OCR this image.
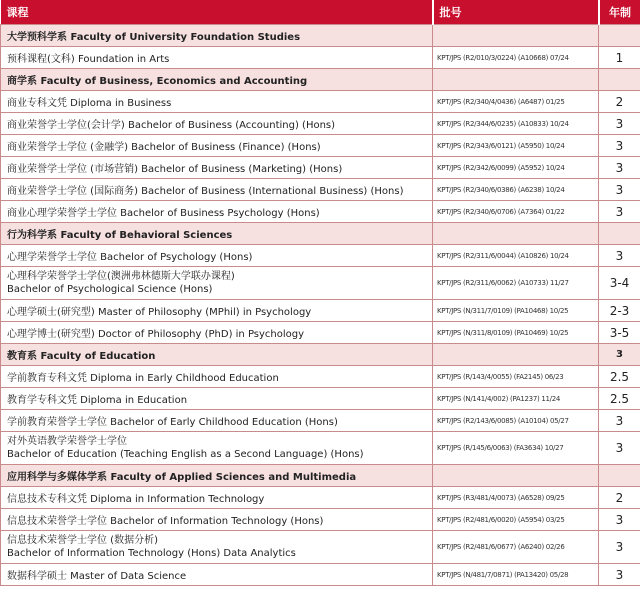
课程	批号	年制
大学预科学系 Faculty of University Foundation Studies		
预科课程(文科) Foundation in Arts	KPT/JPS (R2/010/3/0224) (A10668) 07/24	1
商学系 Faculty of Business, Economics and Accounting		
商业专科文凭 Diploma in Business	KPT/JPS (R2/340/4/0436) (A6487) 01/25	2
商业荣誉学士学位(会计学) Bachelor of Business (Accounting) (Hons)	KPT/JPS (R2/344/6/0235) (A10833) 10/24	3
商业荣誉学士学位 (金融学) Bachelor of Business (Finance) (Hons)	KPT/JPS (R2/343/6/0121) (A5950) 10/24	3
商业荣誉学士学位 (市场营销) Bachelor of Business (Marketing) (Hons)	KPT/JPS (R2/342/6/0099) (A5952) 10/24	3
商业荣誉学士学位 (国际商务) Bachelor of Business (International Business) (Hons)	KPT/JPS (R2/340/6/0386) (A6238) 10/24	3
商业心理学荣誉学士学位 Bachelor of Business Psychology (Hons)	KPT/JPS (R2/340/6/0706) (A7364) 01/22	3
行为科学系 Faculty of Behavioral Sciences		
心理学荣誉学士学位 Bachelor of Psychology (Hons)	KPT/JPS (R2/311/6/0044) (A10826) 10/24	3

心理科学荣誉学士学位(澳洲弗林德斯大学联办课程)
Bachelor of Psychological Science (Hons)	KPT/JPS (R2/311/6/0062) (A10733) 11/27	3-4
心理学硕士(研究型) Master of Philosophy (MPhil) in Psychology	KPT/JPS (N/311/7/0109) (PA10468) 10/25	2-3
心理学博士(研究型) Doctor of Philosophy (PhD) in Psychology	KPT/JPS (N/311/8/0109) (PA10469) 10/25	3-5
教育系 Faculty of Education		3
学前教育专科文凭 Diploma in Early Childhood Education	KPT/JPS (R/143/4/0055) (FA2145) 06/23	2.5
教育学专科文凭 Diploma in Education	KPT/JPS (N/141/4/002) (PA1237) 11/24	2.5
学前教育荣誉学士学位 Bachelor of Early Childhood Education (Hons)	KPT/JPS (R2/143/6/0085) (A10104) 05/27	3

对外英语教学荣誉学士学位
Bachelor of Education (Teaching English as a Second Language) (Hons)	KPT/JPS (R/145/6/0063) (FA3634) 10/27	3
应用科学与多媒体学系 Faculty of Applied Sciences and Multimedia		
信息技术专科文凭 Diploma in Information Technology	KPT/JPS (R3/481/4/0073) (A6528) 09/25	2
信息技术荣誉学士学位 Bachelor of Information Technology (Hons)	KPT/JPS (R2/481/6/0020) (A5954) 03/25	3

信息技术荣誉学士学位 (数据分析)
Bachelor of Information Technology (Hons) Data Analytics	KPT/JPS (R2/481/6/0677) (A6240) 02/26	3
数据科学硕士 Master of Data Science	KPT/JPS (N/481/7/0871) (PA13420) 05/28	3
